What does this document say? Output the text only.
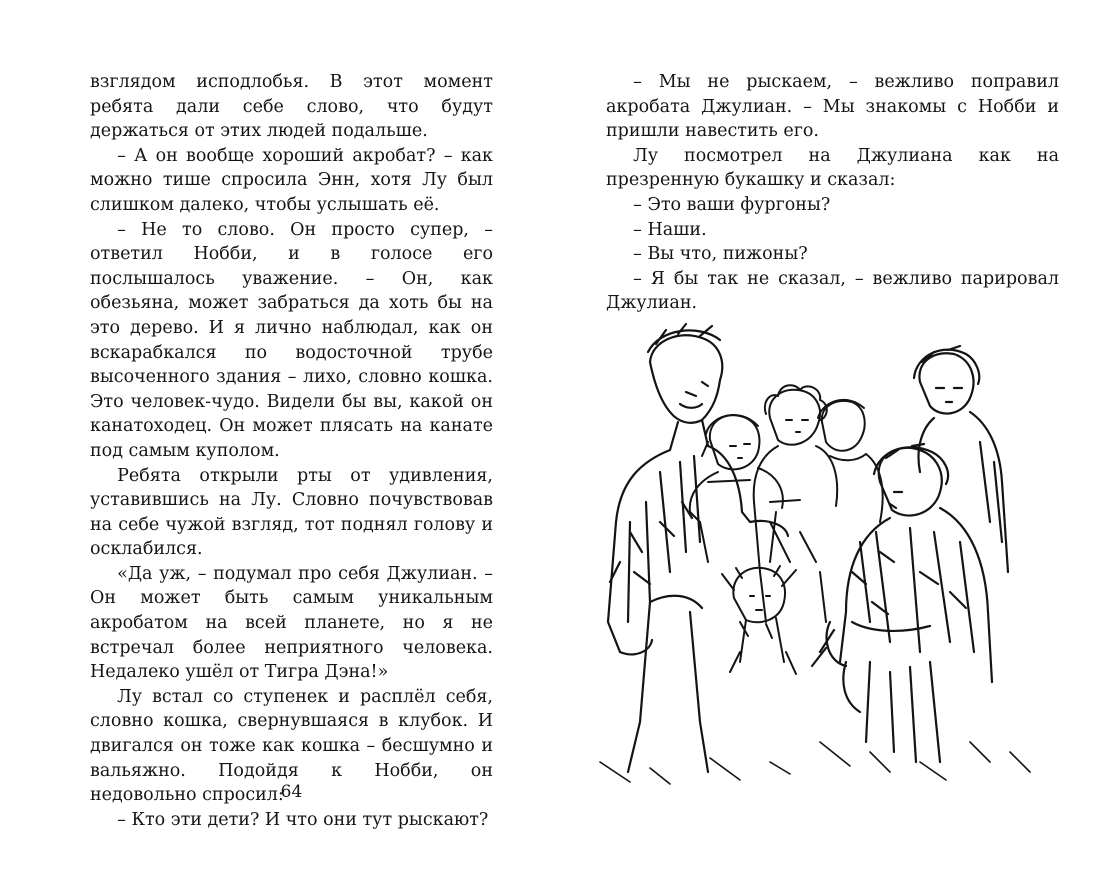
взглядом исподлобья. В этот момент ребята дали себе слово, что будут держаться от этих людей подальше.

– А он вообще хороший акробат? – как можно тише спросила Энн, хотя Лу был слишком далеко, чтобы услышать её.

– Не то слово. Он просто супер, – ответил Нобби, и в голосе его послышалось уважение. – Он, как обезьяна, может забраться да хоть бы на это дерево. И я лично наблюдал, как он вскарабкался по водосточной трубе высоченного здания – лихо, словно кошка. Это человек-чудо. Видели бы вы, какой он канатоходец. Он может плясать на канате под самым куполом.

Ребята открыли рты от удивления, уставившись на Лу. Словно почувствовав на себе чужой взгляд, тот поднял голову и осклабился.

«Да уж, – подумал про себя Джулиан. – Он может быть самым уникальным акробатом на всей планете, но я не встречал более неприятного человека. Недалеко ушёл от Тигра Дэна!»

Лу встал со ступенек и расплёл себя, словно кошка, свернувшаяся в клубок. И двигался он тоже как кошка – бесшумно и вальяжно. Подойдя к Нобби, он недовольно спросил:

– Кто эти дети? И что они тут рыскают?

64

– Мы не рыскаем, – вежливо поправил акробата Джулиан. – Мы знакомы с Нобби и пришли навестить его.

Лу посмотрел на Джулиана как на презренную букашку и сказал:

– Это ваши фургоны?

– Наши.

– Вы что, пижоны?

– Я бы так не сказал, – вежливо парировал Джулиан.
